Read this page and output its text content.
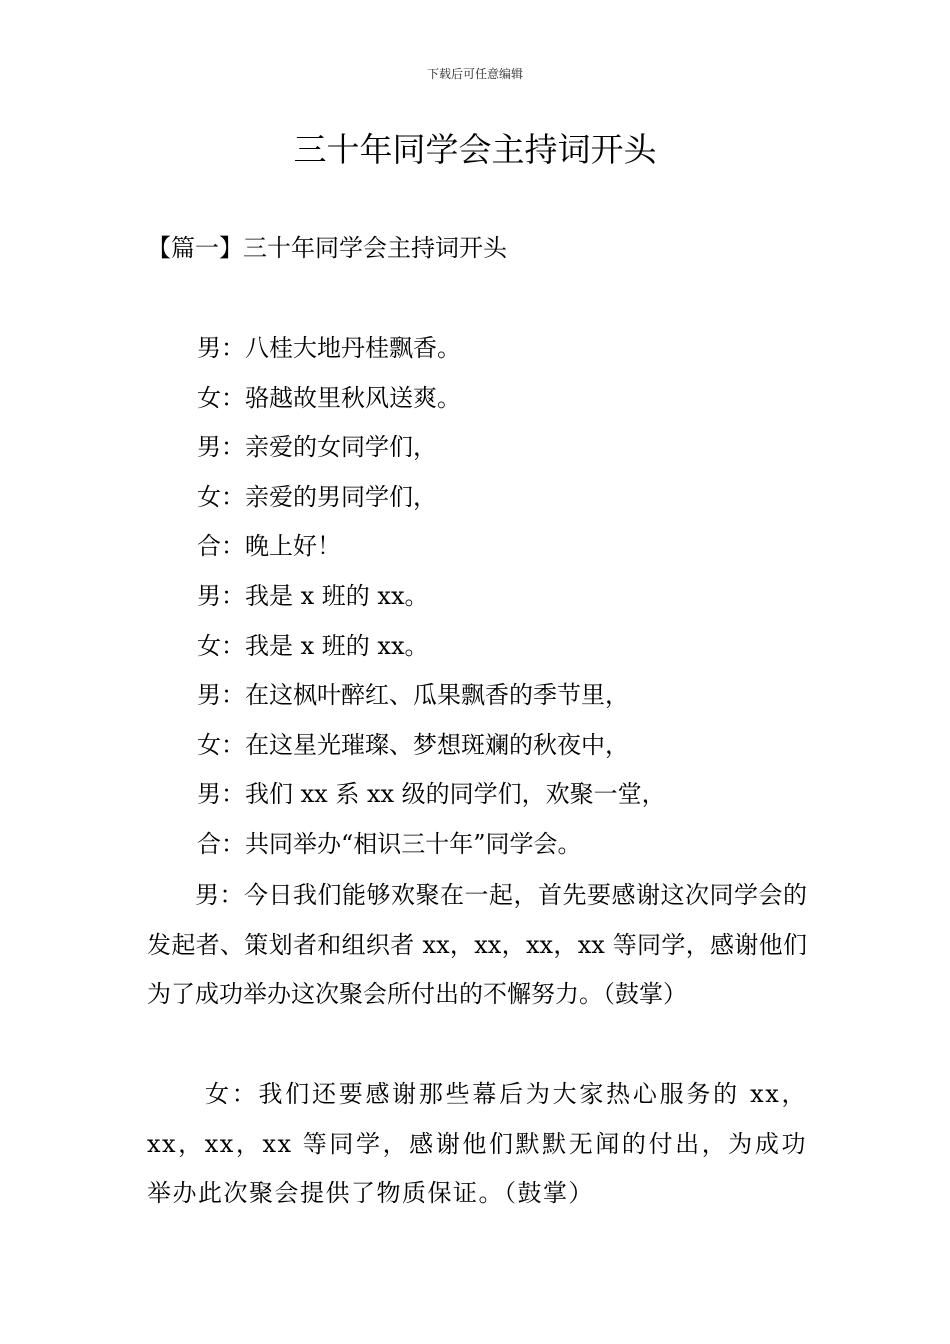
下载后可任意编辑
三十年同学会主持词开头
【篇一】三十年同学会主持词开头
男：八桂大地丹桂飘香。
女：骆越故里秋风送爽。
男：亲爱的女同学们，
女：亲爱的男同学们，
合：晚上好！
男：我是 x 班的 xx。
女：我是 x 班的 xx。
男：在这枫叶醉红、瓜果飘香的季节里，
女：在这星光璀璨、梦想斑斓的秋夜中，
男：我们 xx 系 xx 级的同学们，欢聚一堂，
合：共同举办“相识三十年”同学会。

男：今日我们能够欢聚在一起，首先要感谢这次同学会的发起者、策划者和组织者 xx，xx，xx，xx 等同学，感谢他们为了成功举办这次聚会所付出的不懈努力。（鼓掌）

女：我们还要感谢那些幕后为大家热心服务的 xx，xx，xx，xx 等同学，感谢他们默默无闻的付出，为成功举办此次聚会提供了物质保证。（鼓掌）
